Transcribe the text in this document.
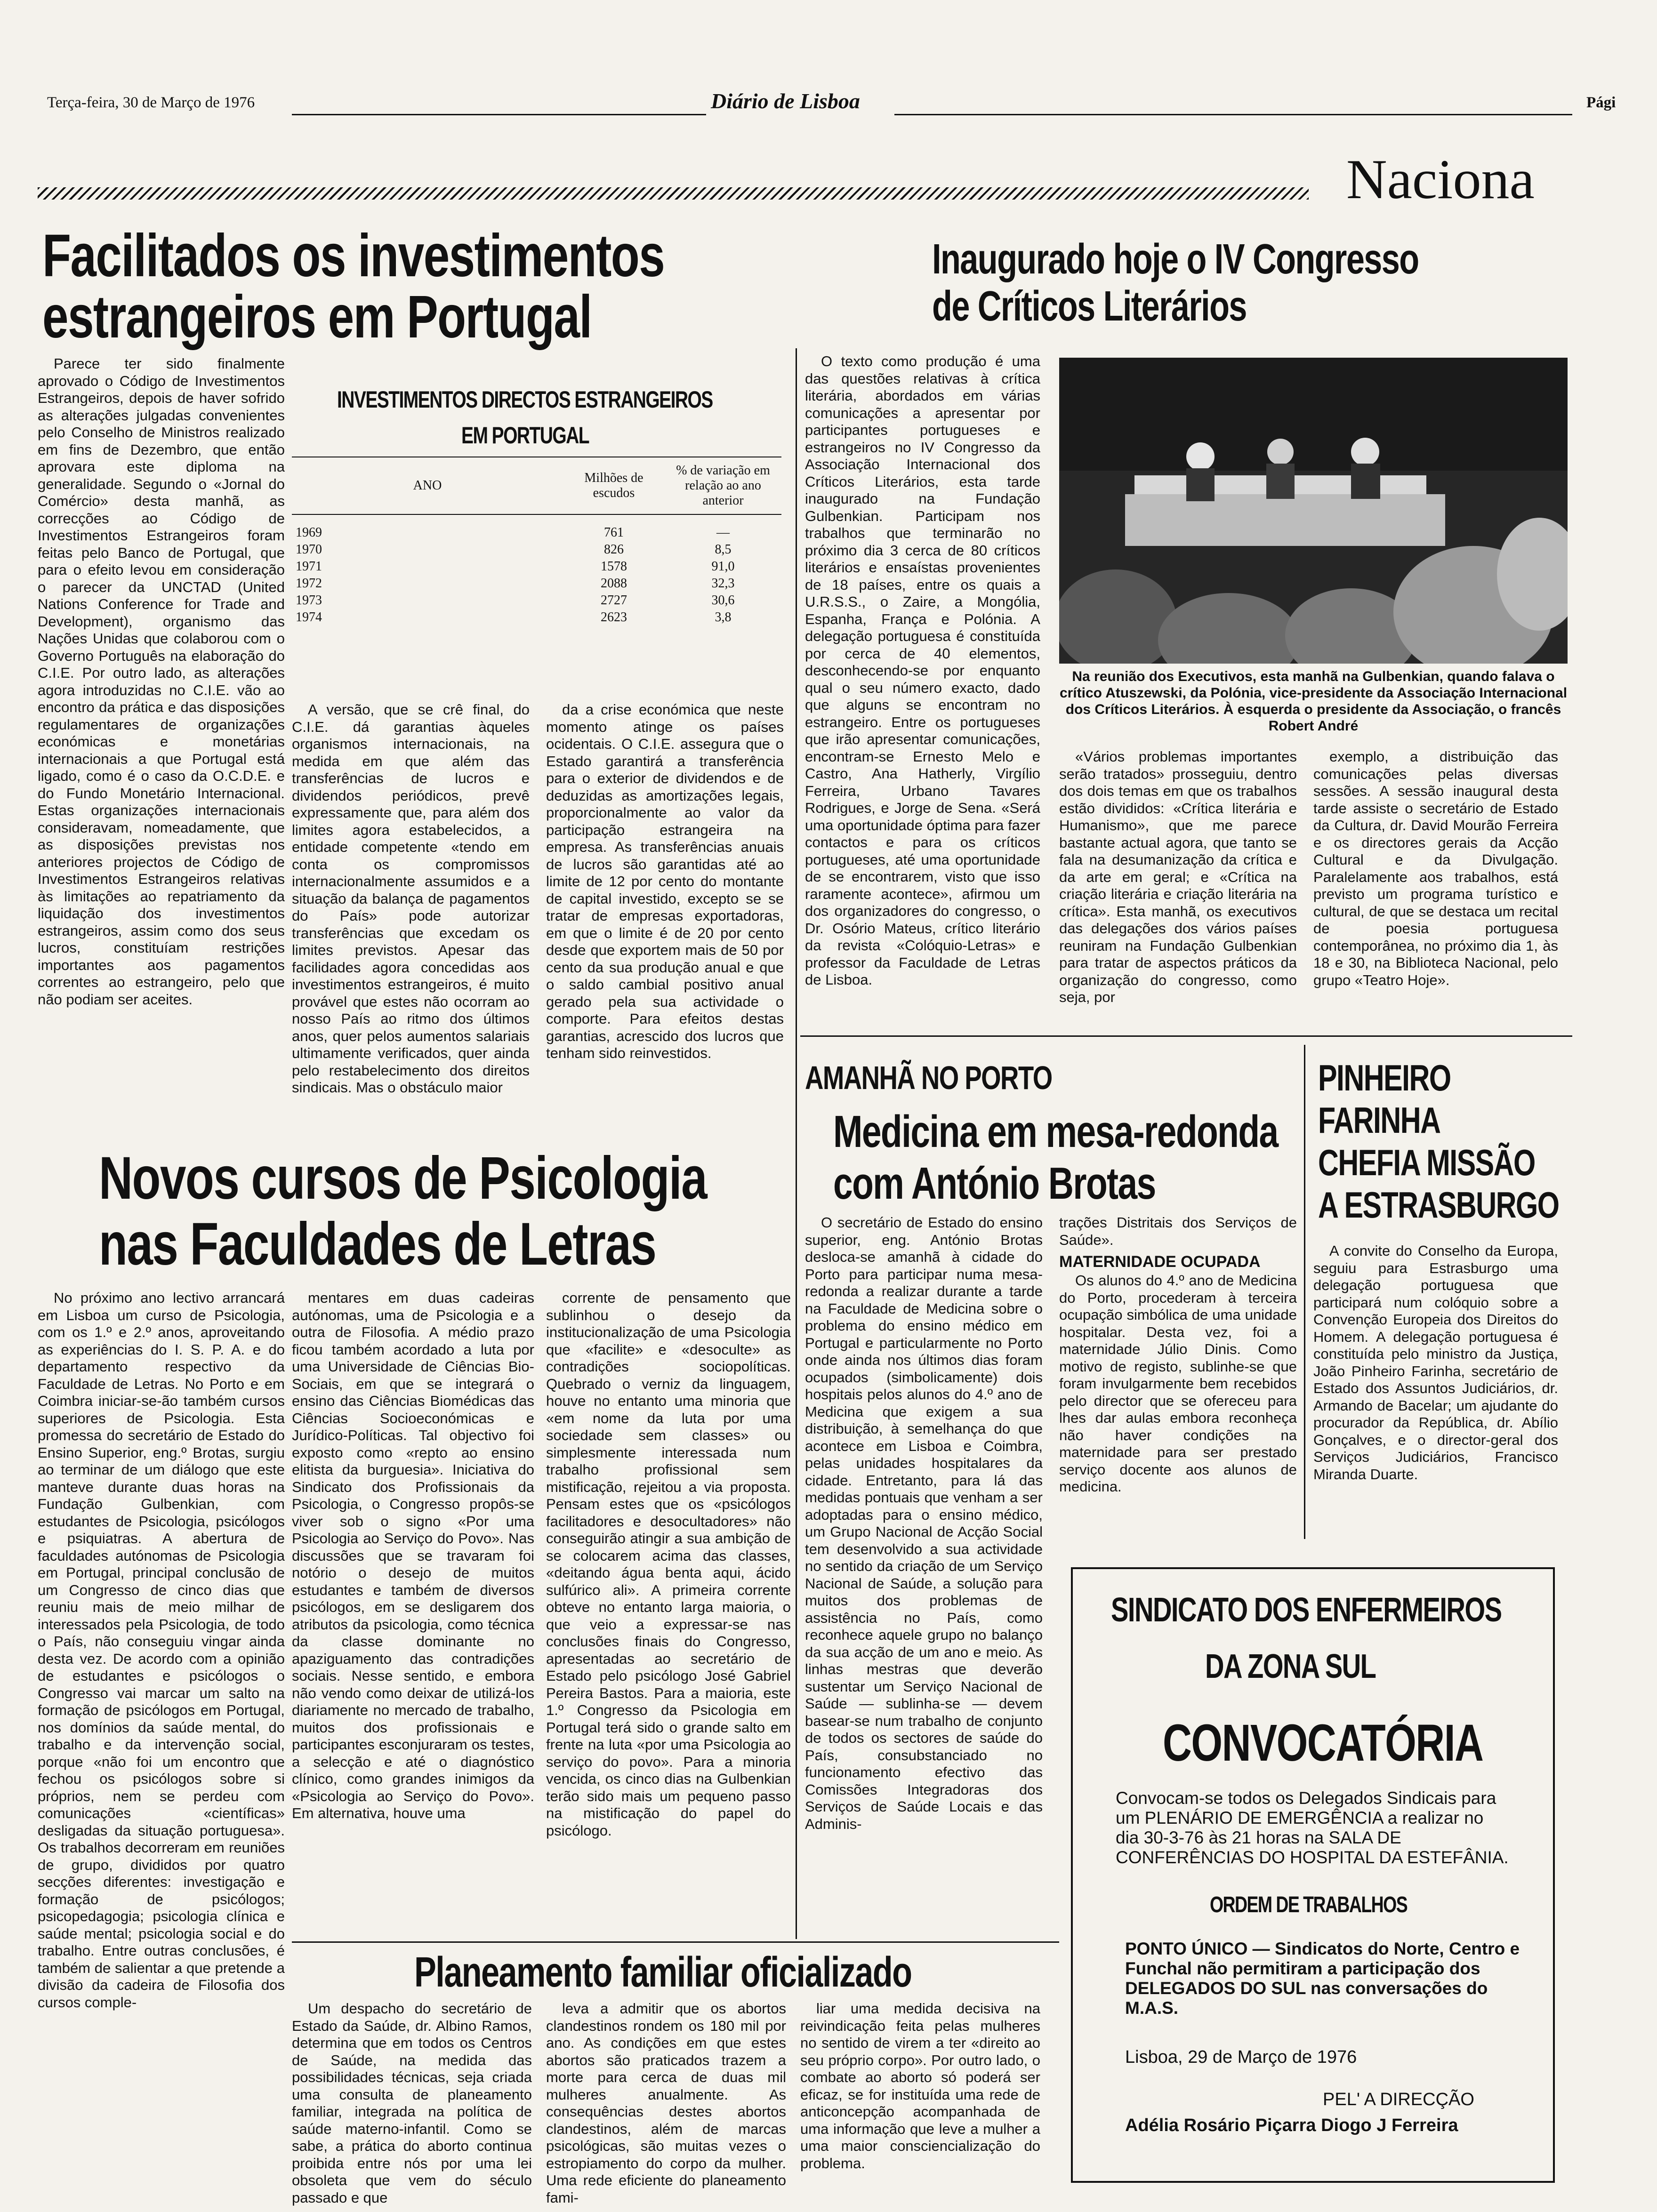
Terça-feira, 30 de Março de 1976	Diário de Lisboa	Pági
Naciona
Facilitados os investimentos
estrangeiros em Portugal

Parece ter sido finalmente aprovado o Código de Investimentos Estrangeiros, depois de haver sofrido as alterações julgadas convenientes pelo Conselho de Ministros realizado em fins de Dezembro, que então aprovara este diploma na generalidade. Segundo o «Jornal do Comércio» desta manhã, as correcções ao Código de Investimentos Estrangeiros foram feitas pelo Banco de Portugal, que para o efeito levou em consideração o parecer da UNCTAD (United Nations Conference for Trade and Development), organismo das Nações Unidas que colaborou com o Governo Português na elaboração do C.I.E. Por outro lado, as alterações agora introduzidas no C.I.E. vão ao encontro da prática e das disposições regulamentares de organizações económicas e monetárias internacionais a que Portugal está ligado, como é o caso da O.C.D.E. e do Fundo Monetário Internacional. Estas organizações internacionais consideravam, nomeadamente, que as disposições previstas nos anteriores projectos de Código de Investimentos Estrangeiros relativas às limitações ao repatriamento da liquidação dos investimentos estrangeiros, assim como dos seus lucros, constituíam restrições importantes aos pagamentos correntes ao estrangeiro, pelo que não podiam ser aceites.

INVESTIMENTOS DIRECTOS ESTRANGEIROS
EM PORTUGAL
ANO	Milhões de escudos	% de variação em relação ao ano anterior

1969	761	—
1970	826	8,5
1971	1578	91,0
1972	2088	32,3
1973	2727	30,6
1974	2623	3,8

A versão, que se crê final, do C.I.E. dá garantias àqueles organismos internacionais, na medida em que além das transferências de lucros e dividendos periódicos, prevê expressamente que, para além dos limites agora estabelecidos, a entidade competente «tendo em conta os compromissos internacionalmente assumidos e a situação da balança de pagamentos do País» pode autorizar transferências que excedam os limites previstos. Apesar das facilidades agora concedidas aos investimentos estrangeiros, é muito provável que estes não ocorram ao nosso País ao ritmo dos últimos anos, quer pelos aumentos salariais ultimamente verificados, quer ainda pelo restabelecimento dos direitos sindicais. Mas o obstáculo maior

da a crise económica que neste momento atinge os países ocidentais. O C.I.E. assegura que o Estado garantirá a transferência para o exterior de dividendos e de deduzidas as amortizações legais, proporcionalmente ao valor da participação estrangeira na empresa. As transferências anuais de lucros são garantidas até ao limite de 12 por cento do montante de capital investido, excepto se se tratar de empresas exportadoras, em que o limite é de 20 por cento desde que exportem mais de 50 por cento da sua produção anual e que o saldo cambial positivo anual gerado pela sua actividade o comporte. Para efeitos destas garantias, acrescido dos lucros que tenham sido reinvestidos.

Inaugurado hoje o IV Congresso
de Críticos Literários

O texto como produção é uma das questões relativas à crítica literária, abordados em várias comunicações a apresentar por participantes portugueses e estrangeiros no IV Congresso da Associação Internacional dos Críticos Literários, esta tarde inaugurado na Fundação Gulbenkian. Participam nos trabalhos que terminarão no próximo dia 3 cerca de 80 críticos literários e ensaístas provenientes de 18 países, entre os quais a U.R.S.S., o Zaire, a Mongólia, Espanha, França e Polónia. A delegação portuguesa é constituída por cerca de 40 elementos, desconhecendo-se por enquanto qual o seu número exacto, dado que alguns se encontram no estrangeiro. Entre os portugueses que irão apresentar comunicações, encontram-se Ernesto Melo e Castro, Ana Hatherly, Virgílio Ferreira, Urbano Tavares Rodrigues, e Jorge de Sena. «Será uma oportunidade óptima para fazer contactos e para os críticos portugueses, até uma oportunidade de se encontrarem, visto que isso raramente acontece», afirmou um dos organizadores do congresso, o Dr. Osório Mateus, crítico literário da revista «Colóquio-Letras» e professor da Faculdade de Letras de Lisboa.

Na reunião dos Executivos, esta manhã na Gulbenkian, quando falava o crítico Atuszewski, da Polónia, vice-presidente da Associação Internacional dos Críticos Literários. À esquerda o presidente da Associação, o francês Robert André

«Vários problemas importantes serão tratados» prosseguiu, dentro dos dois temas em que os trabalhos estão divididos: «Crítica literária e Humanismo», que me parece bastante actual agora, que tanto se fala na desumanização da crítica e da arte em geral; e «Crítica na criação literária e criação literária na crítica». Esta manhã, os executivos das delegações dos vários países reuniram na Fundação Gulbenkian para tratar de aspectos práticos da organização do congresso, como seja, por

exemplo, a distribuição das comunicações pelas diversas sessões. A sessão inaugural desta tarde assiste o secretário de Estado da Cultura, dr. David Mourão Ferreira e os directores gerais da Acção Cultural e da Divulgação. Paralelamente aos trabalhos, está previsto um programa turístico e cultural, de que se destaca um recital de poesia portuguesa contemporânea, no próximo dia 1, às 18 e 30, na Biblioteca Nacional, pelo grupo «Teatro Hoje».

Novos cursos de Psicologia
nas Faculdades de Letras

No próximo ano lectivo arrancará em Lisboa um curso de Psicologia, com os 1.º e 2.º anos, aproveitando as experiências do I. S. P. A. e do departamento respectivo da Faculdade de Letras. No Porto e em Coimbra iniciar-se-ão também cursos superiores de Psicologia. Esta promessa do secretário de Estado do Ensino Superior, eng.º Brotas, surgiu ao terminar de um diálogo que este manteve durante duas horas na Fundação Gulbenkian, com estudantes de Psicologia, psicólogos e psiquiatras. A abertura de faculdades autónomas de Psicologia em Portugal, principal conclusão de um Congresso de cinco dias que reuniu mais de meio milhar de interessados pela Psicologia, de todo o País, não conseguiu vingar ainda desta vez. De acordo com a opinião de estudantes e psicólogos o Congresso vai marcar um salto na formação de psicólogos em Portugal, nos domínios da saúde mental, do trabalho e da intervenção social, porque «não foi um encontro que fechou os psicólogos sobre si próprios, nem se perdeu com comunicações «científicas» desligadas da situação portuguesa». Os trabalhos decorreram em reuniões de grupo, divididos por quatro secções diferentes: investigação e formação de psicólogos; psicopedagogia; psicologia clínica e saúde mental; psicologia social e do trabalho. Entre outras conclusões, é também de salientar a que pretende a divisão da cadeira de Filosofia dos cursos comple-

mentares em duas cadeiras autónomas, uma de Psicologia e a outra de Filosofia. A médio prazo ficou também acordado a luta por uma Universidade de Ciências Bio-Sociais, em que se integrará o ensino das Ciências Biomédicas das Ciências Socioeconómicas e Jurídico-Políticas. Tal objectivo foi exposto como «repto ao ensino elitista da burguesia». Iniciativa do Sindicato dos Profissionais da Psicologia, o Congresso propôs-se viver sob o signo «Por uma Psicologia ao Serviço do Povo». Nas discussões que se travaram foi notório o desejo de muitos estudantes e também de diversos psicólogos, em se desligarem dos atributos da psicologia, como técnica da classe dominante no apaziguamento das contradições sociais. Nesse sentido, e embora não vendo como deixar de utilizá-los diariamente no mercado de trabalho, muitos dos profissionais e participantes esconjuraram os testes, a selecção e até o diagnóstico clínico, como grandes inimigos da «Psicologia ao Serviço do Povo». Em alternativa, houve uma

corrente de pensamento que sublinhou o desejo da institucionalização de uma Psicologia que «facilite» e «desoculte» as contradições sociopolíticas. Quebrado o verniz da linguagem, houve no entanto uma minoria que «em nome da luta por uma sociedade sem classes» ou simplesmente interessada num trabalho profissional sem mistificação, rejeitou a via proposta. Pensam estes que os «psicólogos facilitadores e desocultadores» não conseguirão atingir a sua ambição de se colocarem acima das classes, «deitando água benta aqui, ácido sulfúrico ali». A primeira corrente obteve no entanto larga maioria, o que veio a expressar-se nas conclusões finais do Congresso, apresentadas ao secretário de Estado pelo psicólogo José Gabriel Pereira Bastos. Para a maioria, este 1.º Congresso da Psicologia em Portugal terá sido o grande salto em frente na luta «por uma Psicologia ao serviço do povo». Para a minoria vencida, os cinco dias na Gulbenkian terão sido mais um pequeno passo na mistificação do papel do psicólogo.

AMANHÃ NO PORTO
Medicina em mesa-redonda
com António Brotas

O secretário de Estado do ensino superior, eng. António Brotas desloca-se amanhã à cidade do Porto para participar numa mesa-redonda a realizar durante a tarde na Faculdade de Medicina sobre o problema do ensino médico em Portugal e particularmente no Porto onde ainda nos últimos dias foram ocupados (simbolicamente) dois hospitais pelos alunos do 4.º ano de Medicina que exigem a sua distribuição, à semelhança do que acontece em Lisboa e Coimbra, pelas unidades hospitalares da cidade. Entretanto, para lá das medidas pontuais que venham a ser adoptadas para o ensino médico, um Grupo Nacional de Acção Social tem desenvolvido a sua actividade no sentido da criação de um Serviço Nacional de Saúde, a solução para muitos dos problemas de assistência no País, como reconhece aquele grupo no balanço da sua acção de um ano e meio. As linhas mestras que deverão sustentar um Serviço Nacional de Saúde — sublinha-se — devem basear-se num trabalho de conjunto de todos os sectores de saúde do País, consubstanciado no funcionamento efectivo das Comissões Integradoras dos Serviços de Saúde Locais e das Adminis-

trações Distritais dos Serviços de Saúde».

MATERNIDADE OCUPADA

Os alunos do 4.º ano de Medicina do Porto, procederam à terceira ocupação simbólica de uma unidade hospitalar. Desta vez, foi a maternidade Júlio Dinis. Como motivo de registo, sublinhe-se que foram invulgarmente bem recebidos pelo director que se ofereceu para lhes dar aulas embora reconheça não haver condições na maternidade para ser prestado serviço docente aos alunos de medicina.

PINHEIRO
FARINHA
CHEFIA MISSÃO
A ESTRASBURGO

A convite do Conselho da Europa, seguiu para Estrasburgo uma delegação portuguesa que participará num colóquio sobre a Convenção Europeia dos Direitos do Homem. A delegação portuguesa é constituída pelo ministro da Justiça, João Pinheiro Farinha, secretário de Estado dos Assuntos Judiciários, dr. Armando de Bacelar; um ajudante do procurador da República, dr. Abílio Gonçalves, e o director-geral dos Serviços Judiciários, Francisco Miranda Duarte.

SINDICATO DOS ENFERMEIROS
DA ZONA SUL
CONVOCATÓRIA
Convocam-se todos os Delegados Sindicais para um PLENÁRIO DE EMERGÊNCIA a realizar no dia 30-3-76 às 21 horas na SALA DE CONFERÊNCIAS DO HOSPITAL DA ESTEFÂNIA.
ORDEM DE TRABALHOS
PONTO ÚNICO — Sindicatos do Norte, Centro e Funchal não permitiram a participação dos DELEGADOS DO SUL nas conversações do M.A.S.
Lisboa, 29 de Março de 1976
PEL' A DIRECÇÃO
Adélia Rosário Piçarra Diogo J Ferreira
Planeamento familiar oficializado

Um despacho do secretário de Estado da Saúde, dr. Albino Ramos, determina que em todos os Centros de Saúde, na medida das possibilidades técnicas, seja criada uma consulta de planeamento familiar, integrada na política de saúde materno-infantil. Como se sabe, a prática do aborto continua proibida entre nós por uma lei obsoleta que vem do século passado e que

leva a admitir que os abortos clandestinos rondem os 180 mil por ano. As condições em que estes abortos são praticados trazem a morte para cerca de duas mil mulheres anualmente. As consequências destes abortos clandestinos, além de marcas psicológicas, são muitas vezes o estropiamento do corpo da mulher. Uma rede eficiente do planeamento fami-

liar uma medida decisiva na reivindicação feita pelas mulheres no sentido de virem a ter «direito ao seu próprio corpo». Por outro lado, o combate ao aborto só poderá ser eficaz, se for instituída uma rede de anticoncepção acompanhada de uma informação que leve a mulher a uma maior consciencialização do problema.
